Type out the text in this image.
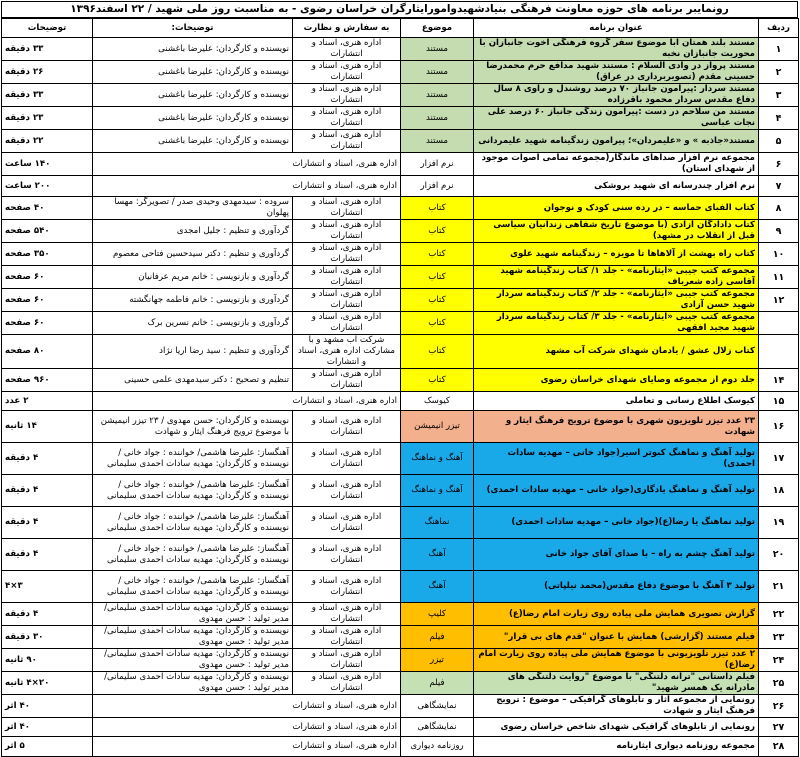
رونمایبر برنامه های حوزه معاونت فرهنگی بنیادشهیدوامورایثارگران خراسان رضوی - به مناسبت روز ملی شهید / ۲۲ اسفند۱۳۹۶
ردیف	عنوان برنامه	موضوع	به سفارش و نظارت	توضیحات:	توضیحات
۱	مستند بلند همتان ابا موضوع سفر گروه فرهنگی اخوت جانبازان با محوریت جانبازان نخبه	مستند	اداره هنری، اسناد و انتشارات	نویسنده و کارگردان: علیرضا باغشنی	۳۳ دقیقه
۲	مستند پرواز در وادی السلام : مستند شهید مدافع حرم محمدرضا حسینی مقدم (تصویربرداری در عراق)	مستند	اداره هنری، اسناد و انتشارات	نویسنده و کارگردان: علیرضا باغشنی	۲۶ دقیقه
۳	مستند سردار :پیرامون جانباز ۷۰ درصد روشندل و راوی ۸ سال دفاع مقدس سردار محمود باقرزاده	مستند	اداره هنری، اسناد و انتشارات	نویسنده و کارگردان: علیرضا باغشنی	۳۳ دقیقه
۴	مستند من سلاحم در دست :پیرامون زندگی جانباز ۶۰ درصد علی نجات عباسی	مستند	اداره هنری، اسناد و انتشارات	نویسنده و کارگردان: علیرضا باغشنی	۲۳ دقیقه
۵	مستند«جاذبه » و «علیمردان»؛ پیرامون زندگینامه شهید علیمردانی	مستند	اداره هنری، اسناد و انتشارات	نویسنده و کارگردان: علیرضا باغشنی	۲۲ دقیقه
۶	مجموعه نرم افزار صداهای ماندگار(مجموعه تمامی اصوات موجود از شهدای استان)	نرم افزار	اداره هنری، اسناد و انتشارات		۱۴۰ ساعت
۷	نرم افزار چندرسانه ای شهید بروشکی	نرم افزار	اداره هنری، اسناد و انتشارات		۲۰۰ ساعت
۸	کتاب الفبای حماسه – در رده سنی کودک و نوجوان	کتاب	اداره هنری، اسناد و انتشارات	سروده : سیدمهدی وحیدی صدر / تصویرگر: مهسا پهلوان	۴۰ صفحه
۹	کتاب دادادگان آزادی (با موضوع تاریخ شفاهی زندانیان سیاسی قبل از انقلاب در مشهد)	کتاب	اداره هنری، اسناد و انتشارات	گردآوری و تنظیم : جلیل امجدی	۵۴۰ صفحه
۱۰	کتاب راه بهشت از آلاهاها تا مویزه – زندگینامه شهید علوی	کتاب	اداره هنری، اسناد و انتشارات	گردآوری و تنظیم : دکتر سیدحسین فتاحی معصوم	۳۵۰ صفحه
۱۱	مجموعه کتب جیبی «ایثارنامه» - جلد ۱/ کتاب زندگینامه شهید آقاسی زاده شعرباف	کتاب	اداره هنری، اسناد و انتشارات	گردآوری و بازنویسی : خانم مریم عرفانیان	۶۰ صفحه
۱۲	مجموعه کتب جیبی «ایثارنامه» - جلد ۲/ کتاب زندگینامه سردار شهید حسن آزادی	کتاب	اداره هنری، اسناد و انتشارات	گردآوری و بازنویسی : خانم فاطمه جهانگشته	۶۰ صفحه
	مجموعه کتب جیبی «ایثارنامه» - جلد ۳/ کتاب زندگینامه سردار شهید مجید افقهی	کتاب	اداره هنری، اسناد و انتشارات	گردآوری و بازنویسی : خانم نسرین برک	۶۰ صفحه
	کتاب زلال عشق / یادمان شهدای شرکت آب مشهد	کتاب	شرکت آب مشهد و با مشارکت اداره هنری، اسناد و انتشارات	گردآوری و تنظیم : سید رضا اریا نژاد	۸۰ صفحه
۱۴	جلد دوم از مجموعه وصایای شهدای خراسان رضوی	کتاب	اداره هنری، اسناد و انتشارات	تنظیم و تصحیح : دکتر سیدمهدی علمی حسینی	۹۶۰ صفحه
۱۵	کیوسک اطلاع رسانی و تعاملی	کیوسک	اداره هنری، اسناد و انتشارات		۲ عدد
۱۶	۲۳ عدد تیزر تلویزیون شهری با موضوع ترویج فرهنگ ایثار و شهادت	تیزر انیمیشن	اداره هنری، اسناد و انتشارات	نویسنده و کارگردان: حسن مهدوی / ۲۳ تیزر انیمیشن با موضوع ترویج فرهنگ ایثار و شهادت	۱۴ ثانیه
۱۷	تولید آهنگ و نماهنگ کبوتر اسیر(جواد خانی – مهدیه سادات احمدی)	آهنگ و نماهنگ	اداره هنری، اسناد و انتشارات	آهنگساز: علیرضا هاشمی/ خواننده : جواد خانی / نویسنده و کارگردان: مهدیه سادات احمدی سلیمانی	۴ دقیقه
۱۸	تولید آهنگ و نماهنگ یادگاری(جواد خانی – مهدیه سادات احمدی)	آهنگ و نماهنگ	اداره هنری، اسناد و انتشارات	آهنگساز: علیرضا هاشمی/ خواننده : جواد خانی / نویسنده و کارگردان: مهدیه سادات احمدی سلیمانی	۴ دقیقه
۱۹	تولید نماهنگ یا رضا(ع)(جواد خانی – مهدیه سادات احمدی)	نماهنگ	اداره هنری، اسناد و انتشارات	آهنگساز: علیرضا هاشمی/ خواننده : جواد خانی / نویسنده و کارگردان: مهدیه سادات احمدی سلیمانی	۴ دقیقه
۲۰	تولید آهنگ چشم به راه – با صدای آقای جواد خانی	آهنگ	اداره هنری، اسناد و انتشارات	آهنگساز: علیرضا هاشمی/ خواننده : جواد خانی / نویسنده و کارگردان: مهدیه سادات احمدی سلیمانی	۴ دقیقه
۲۱	تولید ۳ آهنگ با موضوع دفاع مقدس(محمد نیلپاتی)	آهنگ	اداره هنری، اسناد و انتشارات	آهنگساز: علیرضا هاشمی/ خواننده : جواد خانی / نویسنده و کارگردان: مهدیه سادات احمدی سلیمانی	۳×۴
۲۲	گزارش تصویری همایش ملی پیاده روی زیارت امام رضا(ع)	کلیپ	اداره هنری، اسناد و انتشارات	نویسنده و کارگردان: مهدیه سادات احمدی سلیمانی/ مدیر تولید : حسن مهدوی	۴ دقیقه
۲۳	فیلم مستند (گزارشی) همایش با عنوان "قدم های بی قرار"	فیلم	اداره هنری، اسناد و انتشارات	نویسنده و کارگردان: مهدیه سادات احمدی سلیمانی/ مدیر تولید : حسن مهدوی	۳۰ دقیقه
۲۴	۲ عدد تیزر تلویزیونی با موضوع همایش ملی پیاده روی زیارت امام رضا(ع)	تیزر	اداره هنری، اسناد و انتشارات	نویسنده و کارگردان: مهدیه سادات احمدی سلیمانی/ مدیر تولید : حسن مهدوی	۹۰ ثانیه
۲۵	فیلم داستانی "ترانه دلتنگی" با موضوع "روایت دلتنگی های مادرانه یک همسر شهید"	فیلم	اداره هنری، اسناد و انتشارات	نویسنده و کارگردان: مهدیه سادات احمدی سلیمانی/ مدیر تولید : حسن مهدوی	۲۰×۴ ثانیه
۲۶	رونمایی از مجموعه آثار و تابلوهای گرافیکی – موضوع : ترویج فرهنگ ایثار و شهادت	نمایشگاهی	اداره هنری، اسناد و انتشارات		۴۰ اثر
۲۷	رونمایی از تابلوهای گرافیکی شهدای شاخص خراسان رضوی	نمایشگاهی	اداره هنری، اسناد و انتشارات		۴۰ اثر
۲۸	مجموعه روزنامه دیواری ایثارنامه	روزنامه دیواری	اداره هنری، اسناد و انتشارات		۵ اثر
